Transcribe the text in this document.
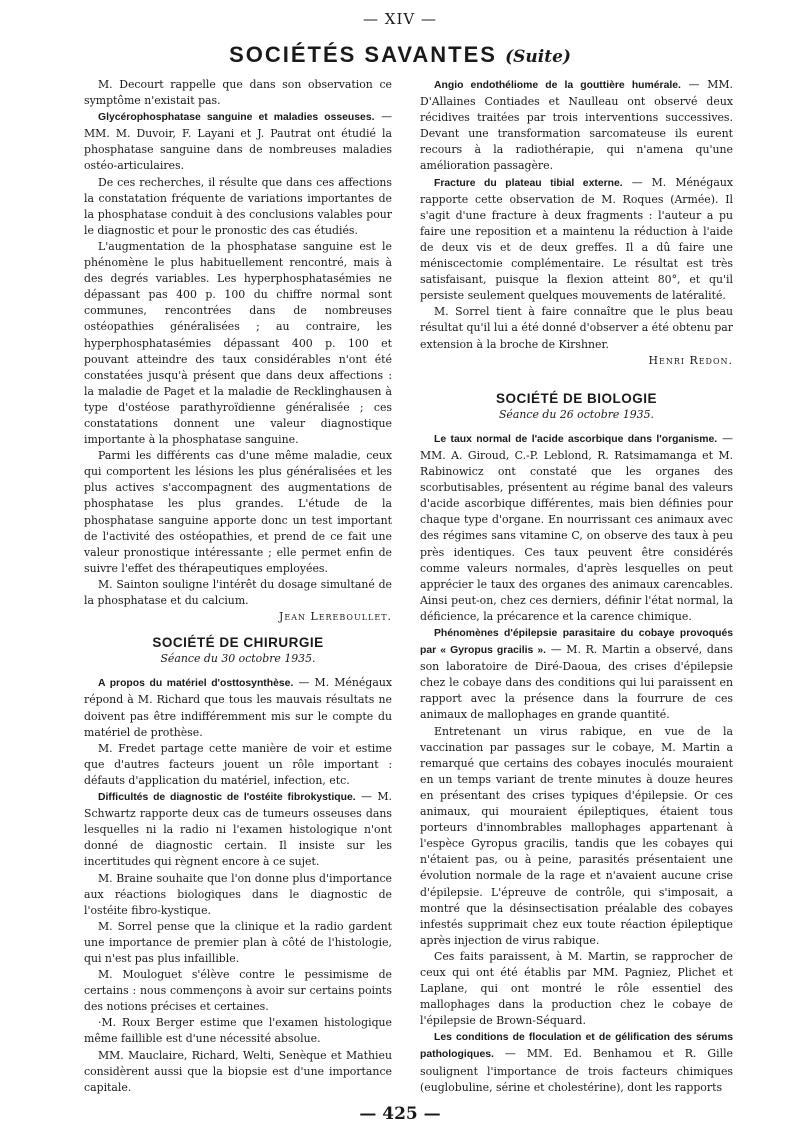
— XIV —
SOCIÉTÉS SAVANTES (Suite)

M. Decourt rappelle que dans son observation ce symptôme n'existait pas.

Glycérophosphatase sanguine et maladies osseuses. — MM. M. Duvoir, F. Layani et J. Pautrat ont étudié la phosphatase sanguine dans de nombreuses maladies ostéo-articulaires.

De ces recherches, il résulte que dans ces affections la constatation fréquente de variations importantes de la phosphatase conduit à des conclusions valables pour le diagnostic et pour le pronostic des cas étudiés.

L'augmentation de la phosphatase sanguine est le phénomène le plus habituellement rencontré, mais à des degrés variables. Les hyperphosphatasémies ne dépassant pas 400 p. 100 du chiffre normal sont communes, rencontrées dans de nombreuses ostéopathies généralisées ; au contraire, les hyperphosphatasémies dépassant 400 p. 100 et pouvant atteindre des taux considérables n'ont été constatées jusqu'à présent que dans deux affections : la maladie de Paget et la maladie de Recklinghausen à type d'ostéose parathyroïdienne généralisée ; ces constatations donnent une valeur diagnostique importante à la phosphatase sanguine.

Parmi les différents cas d'une même maladie, ceux qui comportent les lésions les plus généralisées et les plus actives s'accompagnent des augmentations de phosphatase les plus grandes. L'étude de la phosphatase sanguine apporte donc un test important de l'activité des ostéopathies, et prend de ce fait une valeur pronostique intéressante ; elle permet enfin de suivre l'effet des thérapeutiques employées.

M. Sainton souligne l'intérêt du dosage simultané de la phosphatase et du calcium.

Jean Lereboullet.

SOCIÉTÉ DE CHIRURGIE
Séance du 30 octobre 1935.

A propos du matériel d'osttosynthèse. — M. Ménégaux répond à M. Richard que tous les mauvais résultats ne doivent pas être indifféremment mis sur le compte du matériel de prothèse.

M. Fredet partage cette manière de voir et estime que d'autres facteurs jouent un rôle important : défauts d'application du matériel, infection, etc.

Difficultés de diagnostic de l'ostéite fibrokystique. — M. Schwartz rapporte deux cas de tumeurs osseuses dans lesquelles ni la radio ni l'examen histologique n'ont donné de diagnostic certain. Il insiste sur les incertitudes qui règnent encore à ce sujet.

M. Braine souhaite que l'on donne plus d'importance aux réactions biologiques dans le diagnostic de l'ostéite fibro-kystique.

M. Sorrel pense que la clinique et la radio gardent une importance de premier plan à côté de l'histologie, qui n'est pas plus infaillible.

M. Mouloguet s'élève contre le pessimisme de certains : nous commençons à avoir sur certains points des notions précises et certaines.

·M. Roux Berger estime que l'examen histologique même faillible est d'une nécessité absolue.

MM. Mauclaire, Richard, Welti, Senèque et Mathieu considèrent aussi que la biopsie est d'une importance capitale.

Angio endothéliome de la gouttière humérale. — MM. D'Allaines Contiades et Naulleau ont observé deux récidives traitées par trois interventions successives. Devant une transformation sarcomateuse ils eurent recours à la radiothérapie, qui n'amena qu'une amélioration passagère.

Fracture du plateau tibial externe. — M. Ménégaux rapporte cette observation de M. Roques (Armée). Il s'agit d'une fracture à deux fragments : l'auteur a pu faire une reposition et a maintenu la réduction à l'aide de deux vis et de deux greffes. Il a dû faire une méniscectomie complémentaire. Le résultat est très satisfaisant, puisque la flexion atteint 80°, et qu'il persiste seulement quelques mouvements de latéralité.

M. Sorrel tient à faire connaître que le plus beau résultat qu'il lui a été donné d'observer a été obtenu par extension à la broche de Kirshner.

Henri Redon.

SOCIÉTÉ DE BIOLOGIE
Séance du 26 octobre 1935.

Le taux normal de l'acide ascorbique dans l'organisme. — MM. A. Giroud, C.-P. Leblond, R. Ratsimamanga et M. Rabinowicz ont constaté que les organes des scorbutisables, présentent au régime banal des valeurs d'acide ascorbique différentes, mais bien définies pour chaque type d'organe. En nourrissant ces animaux avec des régimes sans vitamine C, on observe des taux à peu près identiques. Ces taux peuvent être considérés comme valeurs normales, d'après lesquelles on peut apprécier le taux des organes des animaux carencables. Ainsi peut-on, chez ces derniers, définir l'état normal, la déficience, la précarence et la carence chimique.

Phénomènes d'épilepsie parasitaire du cobaye provoqués par « Gyropus gracilis ». — M. R. Martin a observé, dans son laboratoire de Diré-Daoua, des crises d'épilepsie chez le cobaye dans des conditions qui lui paraissent en rapport avec la présence dans la fourrure de ces animaux de mallophages en grande quantité.

Entretenant un virus rabique, en vue de la vaccination par passages sur le cobaye, M. Martin a remarqué que certains des cobayes inoculés mouraient en un temps variant de trente minutes à douze heures en présentant des crises typiques d'épilepsie. Or ces animaux, qui mouraient épileptiques, étaient tous porteurs d'innombrables mallophages appartenant à l'espèce Gyropus gracilis, tandis que les cobayes qui n'étaient pas, ou à peine, parasités présentaient une évolution normale de la rage et n'avaient aucune crise d'épilepsie. L'épreuve de contrôle, qui s'imposait, a montré que la désinsectisation préalable des cobayes infestés supprimait chez eux toute réaction épileptique après injection de virus rabique.

Ces faits paraissent, à M. Martin, se rapprocher de ceux qui ont été établis par MM. Pagniez, Plichet et Laplane, qui ont montré le rôle essentiel des mallophages dans la production chez le cobaye de l'épilepsie de Brown-Séquard.

Les conditions de floculation et de gélification des sérums pathologiques. — MM. Ed. Benhamou et R. Gille soulignent l'importance de trois facteurs chimiques (euglobuline, sérine et cholestérine), dont les rapports

— 425 —
